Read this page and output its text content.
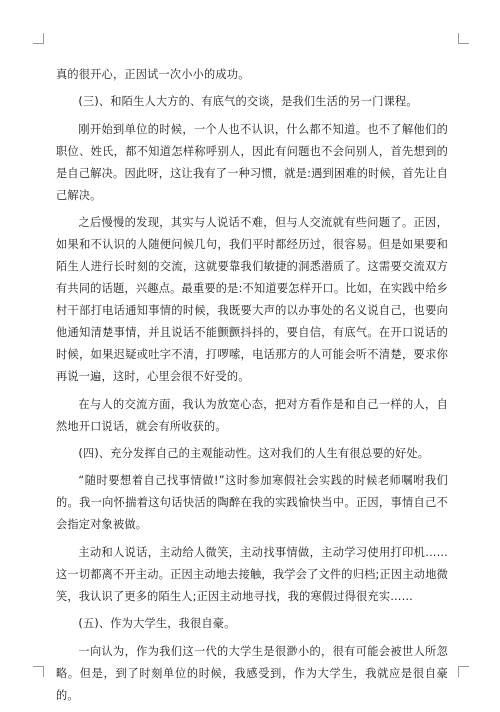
真的很开心，正因试一次小小的成功。

(三)、和陌生人大方的、有底气的交谈，是我们生活的另一门课程。

刚开始到单位的时候，一个人也不认识，什么都不知道。也不了解他们的职位、姓氏，都不知道怎样称呼别人，因此有问题也不会问别人，首先想到的是自己解决。因此呀，这让我有了一种习惯，就是:遇到困难的时候，首先让自己解决。

之后慢慢的发现，其实与人说话不难，但与人交流就有些问题了。正因，如果和不认识的人随便问候几句，我们平时都经历过，很容易。但是如果要和陌生人进行长时刻的交流，这就要靠我们敏捷的洞悉潜质了。这需要交流双方有共同的话题，兴趣点。最重要的是:不知道要怎样开口。比如，在实践中给乡村干部打电话通知事情的时候，我既要大声的以办事处的名义说自己，也要向他通知清楚事情，并且说话不能颤颤抖抖的，要自信，有底气。在开口说话的时候，如果迟疑或吐字不清，打啰嗦，电话那方的人可能会听不清楚，要求你再说一遍，这时，心里会很不好受的。

在与人的交流方面，我认为放宽心态，把对方看作是和自己一样的人，自然地开口说话，就会有所收获的。

(四)、充分发挥自己的主观能动性。这对我们的人生有很总要的好处。

“随时要想着自己找事情做!”这时参加寒假社会实践的时候老师嘱咐我们的。我一向怀揣着这句话快活的陶醉在我的实践愉快当中。正因，事情自己不会指定对象被做。

主动和人说话，主动给人微笑，主动找事情做，主动学习使用打印机……这一切都离不开主动。正因主动地去接触，我学会了文件的归档;正因主动地微笑，我认识了更多的陌生人;正因主动地寻找，我的寒假过得很充实……

(五)、作为大学生，我很自豪。

一向认为，作为我们这一代的大学生是很渺小的，很有可能会被世人所忽略。但是，到了时刻单位的时候，我感受到，作为大学生，我就应是很自豪的。
